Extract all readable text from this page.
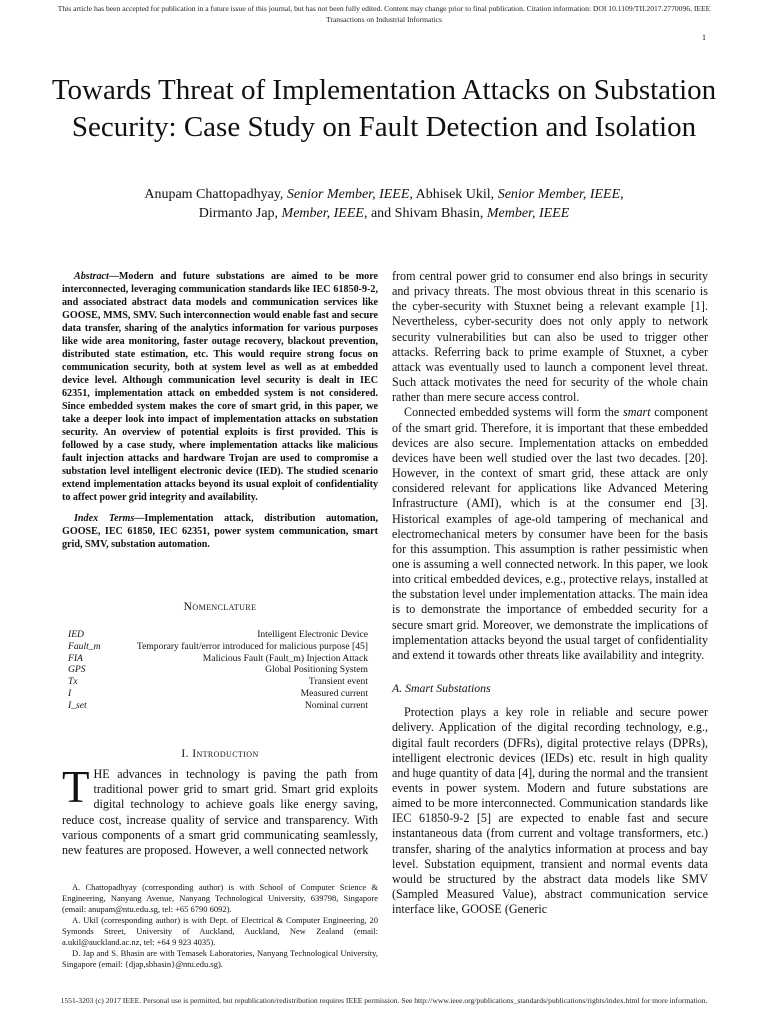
This article has been accepted for publication in a future issue of this journal, but has not been fully edited. Content may change prior to final publication. Citation information: DOI 10.1109/TII.2017.2770096, IEEE
Transactions on Industrial Informatics
1
Towards Threat of Implementation Attacks on Substation Security: Case Study on Fault Detection and Isolation
Anupam Chattopadhyay, Senior Member, IEEE, Abhisek Ukil, Senior Member, IEEE,
Dirmanto Jap, Member, IEEE, and Shivam Bhasin, Member, IEEE

Abstract—Modern and future substations are aimed to be more interconnected, leveraging communication standards like IEC 61850-9-2, and associated abstract data models and communication services like GOOSE, MMS, SMV. Such interconnection would enable fast and secure data transfer, sharing of the analytics information for various purposes like wide area monitoring, faster outage recovery, blackout prevention, distributed state estimation, etc. This would require strong focus on communication security, both at system level as well as at embedded device level. Although communication level security is dealt in IEC 62351, implementation attack on embedded system is not considered. Since embedded system makes the core of smart grid, in this paper, we take a deeper look into impact of implementation attacks on substation security. An overview of potential exploits is first provided. This is followed by a case study, where implementation attacks like malicious fault injection attacks and hardware Trojan are used to compromise a substation level intelligent electronic device (IED). The studied scenario extend implementation attacks beyond its usual exploit of confidentiality to affect power grid integrity and availability.

Index Terms—Implementation attack, distribution automation, GOOSE, IEC 61850, IEC 62351, power system communication, smart grid, SMV, substation automation.

Nomenclature
IED	Intelligent Electronic Device
Fault_m	Temporary fault/error introduced for malicious purpose [45]
FIA	Malicious Fault (Fault_m) Injection Attack
GPS	Global Positioning System
Tx	Transient event
I	Measured current
I_set	Nominal current
I. Introduction

THE advances in technology is paving the path from traditional power grid to smart grid. Smart grid exploits digital technology to achieve goals like energy saving, reduce cost, increase quality of service and transparency. With various components of a smart grid communicating seamlessly, new features are proposed. However, a well connected network

A. Chattopadhyay (corresponding author) is with School of Computer Science & Engineering, Nanyang Avenue, Nanyang Technological University, 639798, Singapore (email: anupam@ntu.edu.sg, tel: +65 6790 6092).

A. Ukil (corresponding author) is with Dept. of Electrical & Computer Engineering, 20 Symonds Street, University of Auckland, Auckland, New Zealand (email: a.ukil@auckland.ac.nz, tel: +64 9 923 4035).

D. Jap and S. Bhasin are with Temasek Laboratories, Nanyang Technological University, Singapore (email: {djap,sbhasin}@ntu.edu.sg).

from central power grid to consumer end also brings in security and privacy threats. The most obvious threat in this scenario is the cyber-security with Stuxnet being a relevant example [1]. Nevertheless, cyber-security does not only apply to network security vulnerabilities but can also be used to trigger other attacks. Referring back to prime example of Stuxnet, a cyber attack was eventually used to launch a component level threat. Such attack motivates the need for security of the whole chain rather than mere secure access control.

Connected embedded systems will form the smart component of the smart grid. Therefore, it is important that these embedded devices are also secure. Implementation attacks on embedded devices have been well studied over the last two decades. [20]. However, in the context of smart grid, these attack are only considered relevant for applications like Advanced Metering Infrastructure (AMI), which is at the consumer end [3]. Historical examples of age-old tampering of mechanical and electromechanical meters by consumer have been for the basis for this assumption. This assumption is rather pessimistic when one is assuming a well connected network. In this paper, we look into critical embedded devices, e.g., protective relays, installed at the substation level under implementation attacks. The main idea is to demonstrate the importance of embedded security for a secure smart grid. Moreover, we demonstrate the implications of implementation attacks beyond the usual target of confidentiality and extend it towards other threats like availability and integrity.

A. Smart Substations

Protection plays a key role in reliable and secure power delivery. Application of the digital recording technology, e.g., digital fault recorders (DFRs), digital protective relays (DPRs), intelligent electronic devices (IEDs) etc. result in high quality and huge quantity of data [4], during the normal and the transient events in power system. Modern and future substations are aimed to be more interconnected. Communication standards like IEC 61850-9-2 [5] are expected to enable fast and secure instantaneous data (from current and voltage transformers, etc.) transfer, sharing of the analytics information at process and bay level. Substation equipment, transient and normal events data would be structured by the abstract data models like SMV (Sampled Measured Value), abstract communication service interface like, GOOSE (Generic

1551-3203 (c) 2017 IEEE. Personal use is permitted, but republication/redistribution requires IEEE permission. See http://www.ieee.org/publications_standards/publications/rights/index.html for more information.
